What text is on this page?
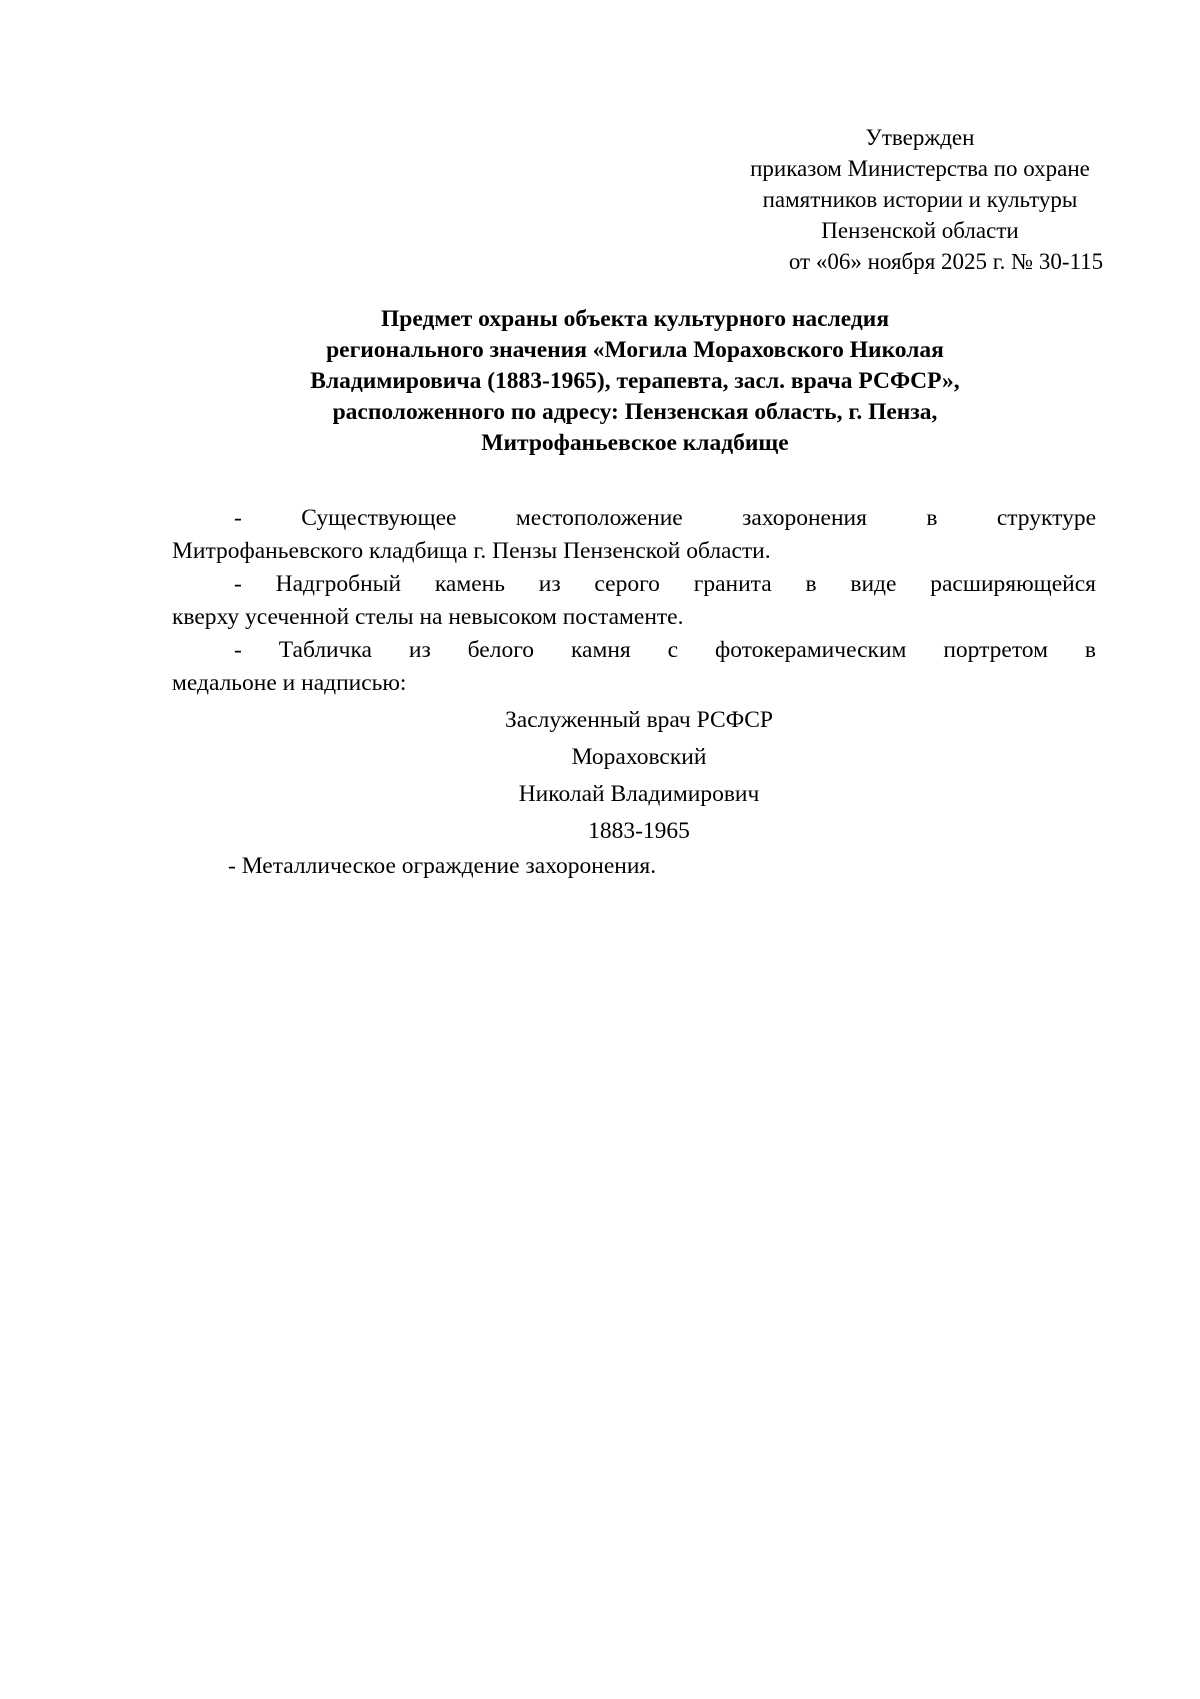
Утвержден
приказом Министерства по охране
памятников истории и культуры
Пензенской области
от «06» ноября 2025 г. № 30-115
Предмет охраны объекта культурного наследия
регионального значения «Могила Мораховского Николая
Владимировича (1883-1965), терапевта, засл. врача РСФСР»,
расположенного по адресу: Пензенская область, г. Пенза,
Митрофаньевское кладбище
- Существующее местоположение захоронения в структуре
Митрофаньевского кладбища г. Пензы Пензенской области.
- Надгробный камень из серого гранита в виде расширяющейся
кверху усеченной стелы на невысоком постаменте.
- Табличка из белого камня с фотокерамическим портретом в
медальоне и надписью:
Заслуженный врач РСФСР
Мораховский
Николай Владимирович
1883-1965
- Металлическое ограждение захоронения.
